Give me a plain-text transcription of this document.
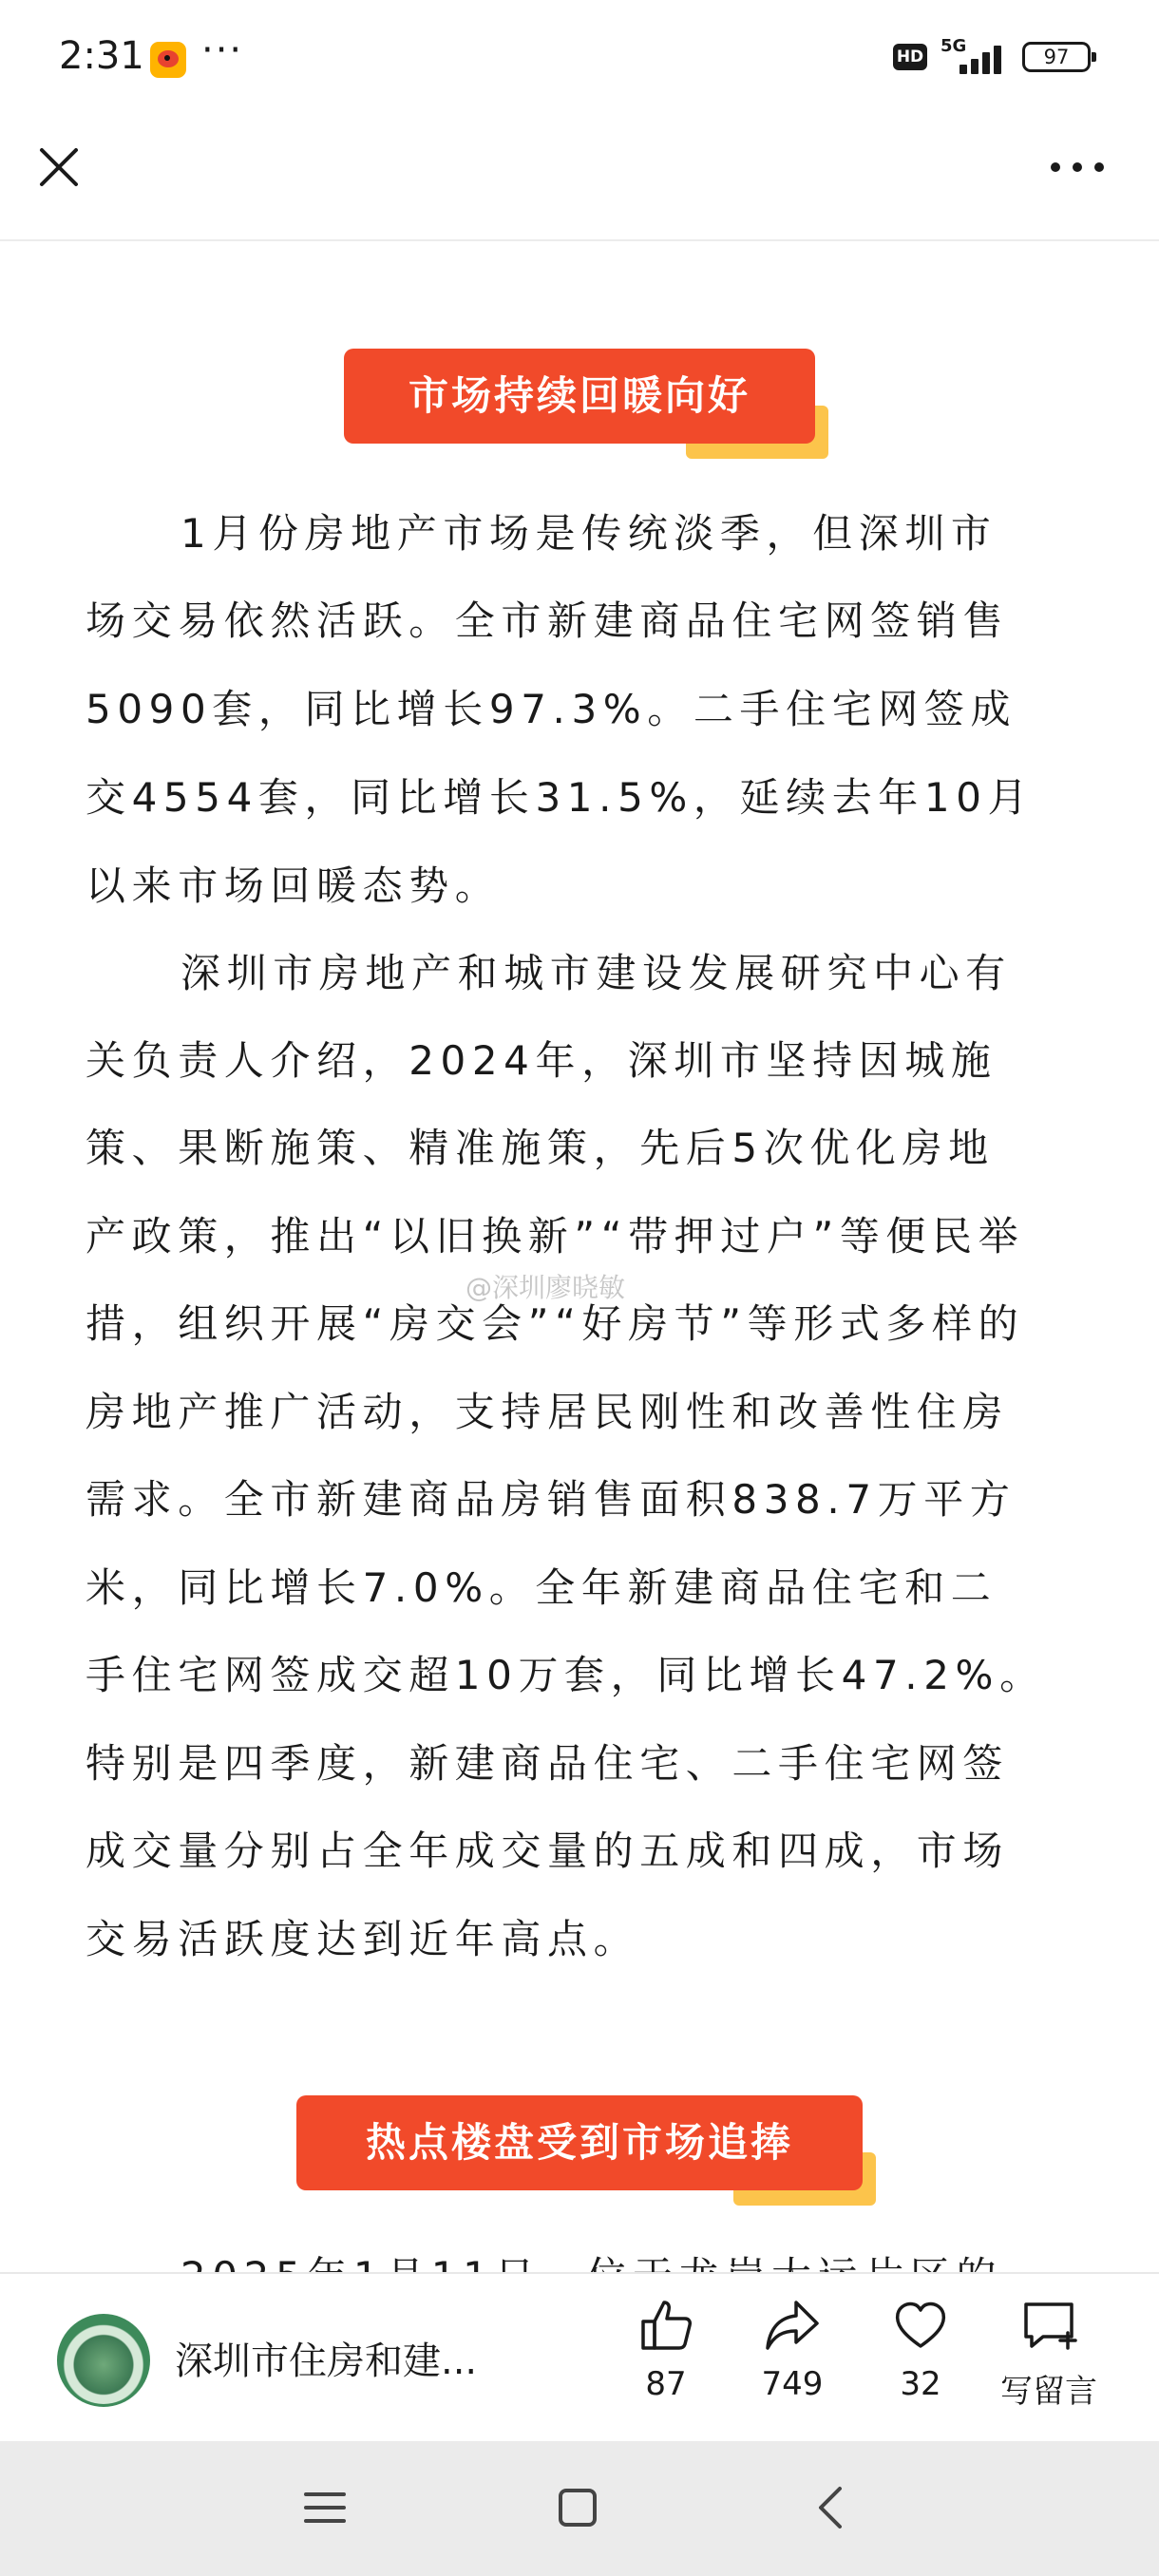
2:31 ···	HD
5G	97
市场持续回暖向好
1月份房地产市场是传统淡季，但深圳市
场交易依然活跃。全市新建商品住宅网签销售
5090套，同比增长97.3%。二手住宅网签成
交4554套，同比增长31.5%，延续去年10月
以来市场回暖态势。
深圳市房地产和城市建设发展研究中心有
关负责人介绍，2024年，深圳市坚持因城施
策、果断施策、精准施策，先后5次优化房地
产政策，推出“以旧换新”“带押过户”等便民举
措，组织开展“房交会”“好房节”等形式多样的
房地产推广活动，支持居民刚性和改善性住房
需求。全市新建商品房销售面积838.7万平方
米，同比增长7.0%。全年新建商品住宅和二
手住宅网签成交超10万套，同比增长47.2%。
特别是四季度，新建商品住宅、二手住宅网签
成交量分别占全年成交量的五成和四成，市场
交易活跃度达到近年高点。
@深圳廖晓敏
热点楼盘受到市场追捧
深圳市住房和建...
87	749	32	写留言
